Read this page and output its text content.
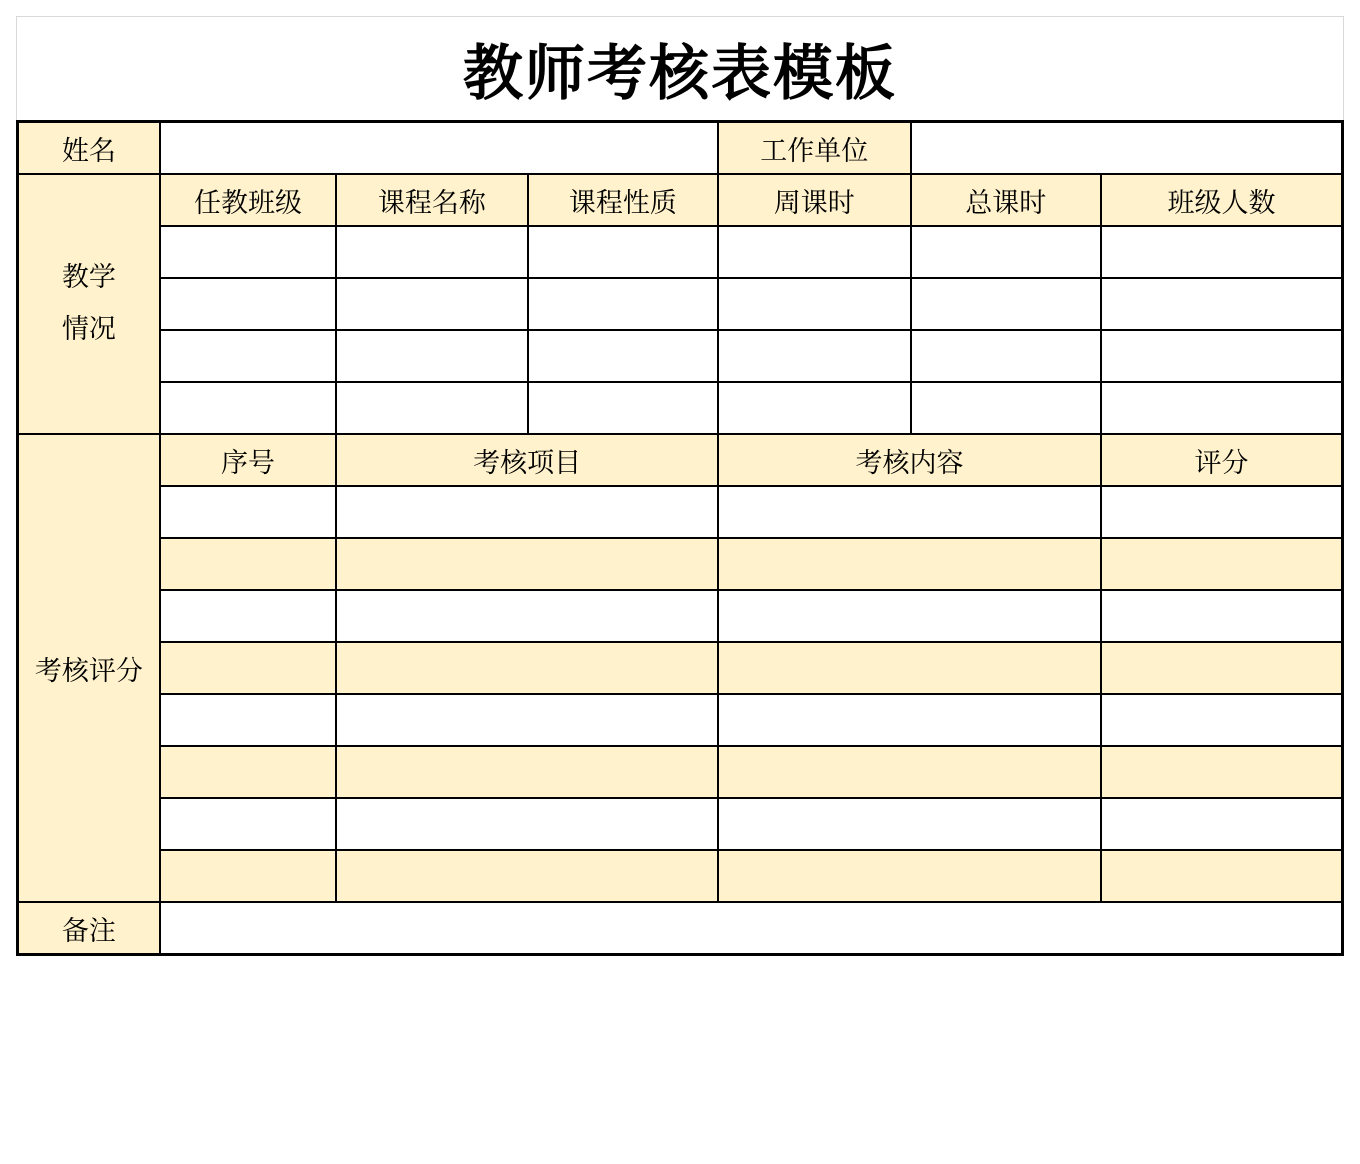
教师考核表模板
姓名				工作单位		

教学
情况	任教班级	课程名称	课程性质	周课时	总课时	班级人数

考核评分	序号	考核项目		考核内容		评分

备注						
